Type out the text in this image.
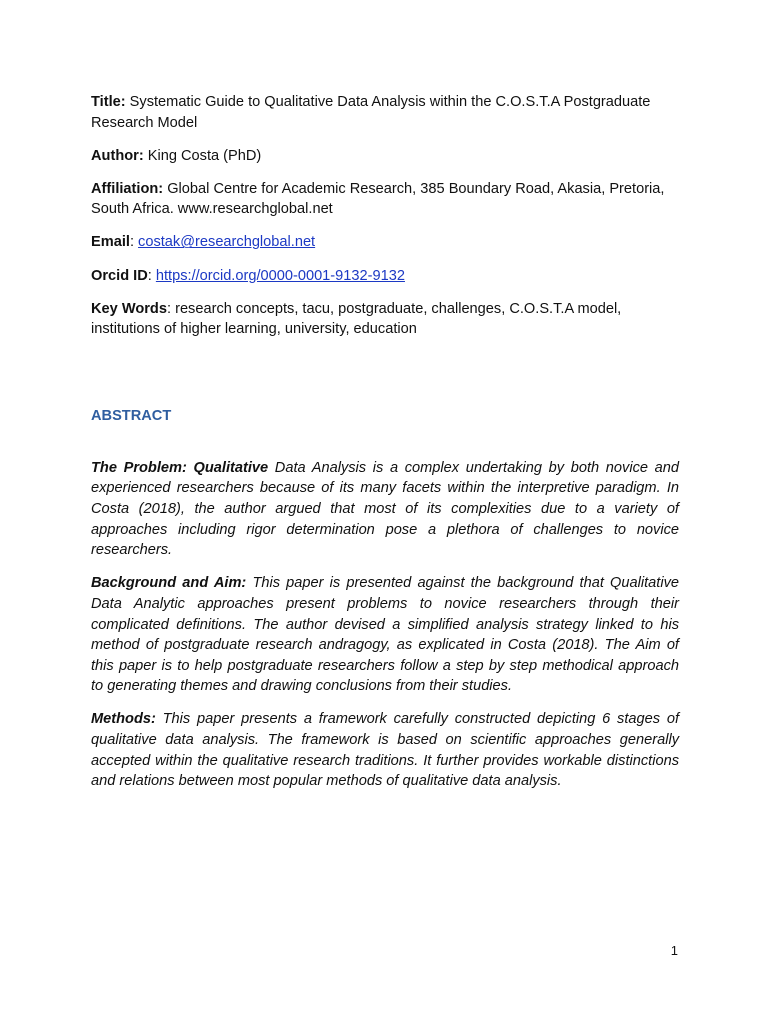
Title: Systematic Guide to Qualitative Data Analysis within the C.O.S.T.A Postgraduate Research Model

Author: King Costa (PhD)

Affiliation: Global Centre for Academic Research, 385 Boundary Road, Akasia, Pretoria, South Africa. www.researchglobal.net

Email: costak@researchglobal.net

Orcid ID: https://orcid.org/0000-0001-9132-9132

Key Words: research concepts, tacu, postgraduate, challenges, C.O.S.T.A model, institutions of higher learning, university, education

ABSTRACT

The Problem: Qualitative Data Analysis is a complex undertaking by both novice and experienced researchers because of its many facets within the interpretive paradigm. In Costa (2018), the author argued that most of its complexities due to a variety of approaches including rigor determination pose a plethora of challenges to novice researchers.

Background and Aim: This paper is presented against the background that Qualitative Data Analytic approaches present problems to novice researchers through their complicated definitions. The author devised a simplified analysis strategy linked to his method of postgraduate research andragogy, as explicated in Costa (2018). The Aim of this paper is to help postgraduate researchers follow a step by step methodical approach to generating themes and drawing conclusions from their studies.

Methods: This paper presents a framework carefully constructed depicting 6 stages of qualitative data analysis. The framework is based on scientific approaches generally accepted within the qualitative research traditions. It further provides workable distinctions and relations between most popular methods of qualitative data analysis.

1
